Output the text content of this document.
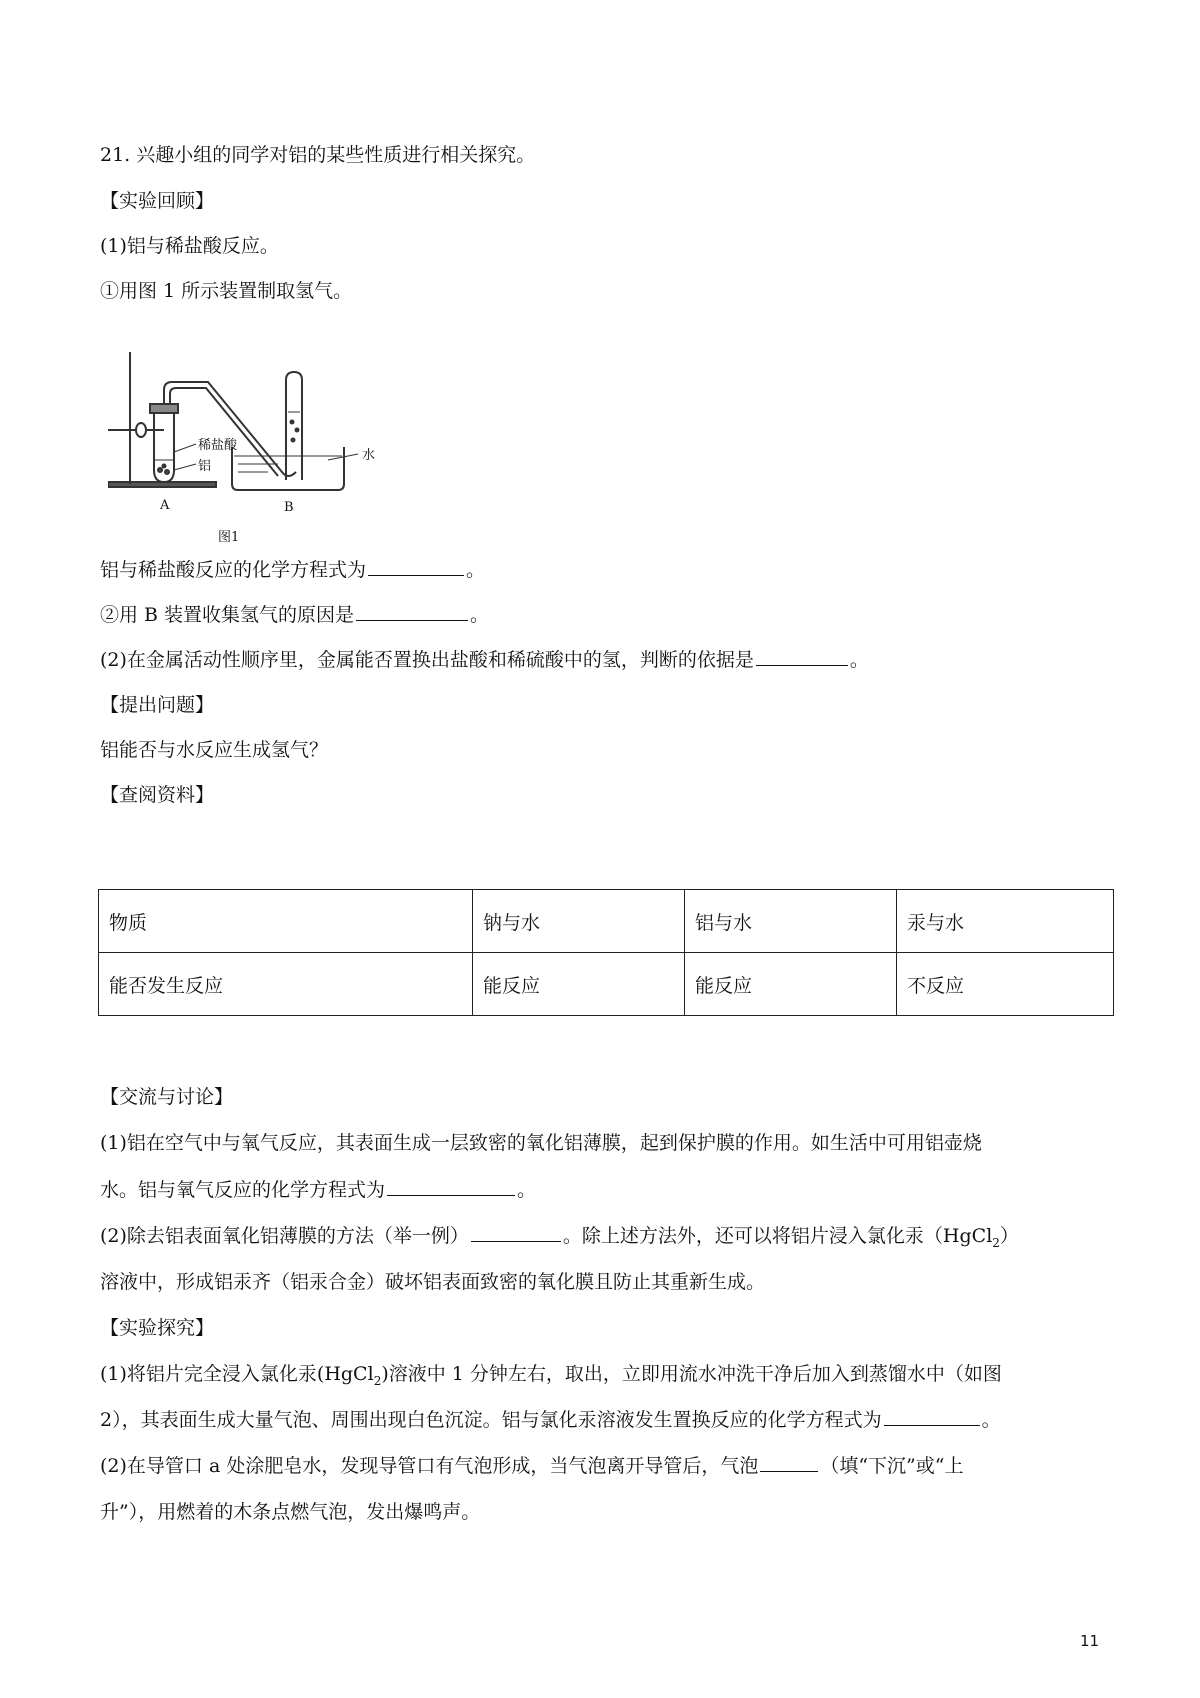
21. 兴趣小组的同学对铝的某些性质进行相关探究。
【实验回顾】
(1)铝与稀盐酸反应。
①用图 1 所示装置制取氢气。
稀盐酸
铝
水
A	B
图1
铝与稀盐酸反应的化学方程式为	。
②用 B 装置收集氢气的原因是	。
(2)在金属活动性顺序里，金属能否置换出盐酸和稀硫酸中的氢，判断的依据是	。
【提出问题】
铝能否与水反应生成氢气？
【查阅资料】
物质	钠与水	铝与水	汞与水
能否发生反应	能反应	能反应	不反应
【交流与讨论】
(1)铝在空气中与氧气反应，其表面生成一层致密的氧化铝薄膜，起到保护膜的作用。如生活中可用铝壶烧
水。铝与氧气反应的化学方程式为	。
(2)除去铝表面氧化铝薄膜的方法（举一例）	。除上述方法外，还可以将铝片浸入氯化汞（HgCl$_2$）
溶液中，形成铝汞齐（铝汞合金）破坏铝表面致密的氧化膜且防止其重新生成。
【实验探究】
(1)将铝片完全浸入氯化汞(HgCl$_2$)溶液中 1 分钟左右，取出，立即用流水冲洗干净后加入到蒸馏水中（如图
2），其表面生成大量气泡、周围出现白色沉淀。铝与氯化汞溶液发生置换反应的化学方程式为	。
(2)在导管口 a 处涂肥皂水，发现导管口有气泡形成，当气泡离开导管后，气泡	（填“下沉”或“上
升”），用燃着的木条点燃气泡，发出爆鸣声。
11
